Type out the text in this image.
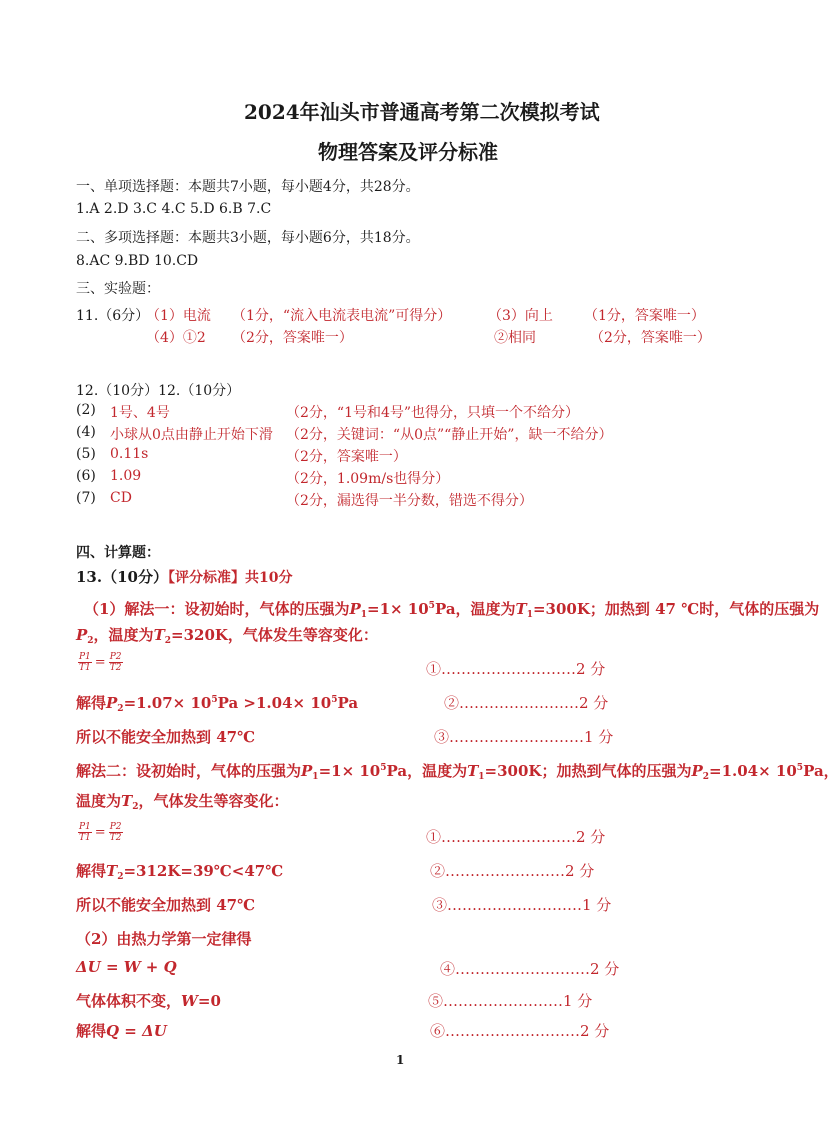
2024年汕头市普通高考第二次模拟考试
物理答案及评分标准
一、单项选择题：本题共7小题，每小题4分，共28分。
1.A 2.D 3.C 4.C 5.D 6.B 7.C
二、多项选择题：本题共3小题，每小题6分，共18分。
8.AC 9.BD 10.CD
三、实验题：
11.（6分）
（1）电流 （1分，“流入电流表电流”可得分）	（3）向上 （1分，答案唯一）
（4）①2 （2分，答案唯一）	②相同	（2分，答案唯一）
12.（10分）12.（10分）
(2) 1号、4号	（2分，“1号和4号”也得分，只填一个不给分）
(4) 小球从0点由静止开始下滑 （2分，关键词：“从0点”“静止开始”，缺一不给分）
(5) 0.11s	（2分，答案唯一）
(6) 1.09	（2分，1.09m/s也得分）
(7) CD	（2分，漏选得一半分数，错选不得分）
四、计算题：
13.（10分）【评分标准】共10分
（1）解法一：设初始时，气体的压强为$P_1=1\times 10^5Pa$，温度为$T_1=300K$；加热到 47 ℃时，气体的压强为
$P_2$，温度为$T_2=320K$，气体发生等容变化：
$\frac{P1}{T1} = \frac{P2}{T2}$	①………………………2 分
解得$P_2=1.07\times 10^5Pa >1.04\times 10^5Pa$	②……………………2 分
所以不能安全加热到 47℃	③………………………1 分
解法二：设初始时，气体的压强为$P_1=1\times 10^5Pa$，温度为$T_1=300K$；加热到气体的压强为$P_2=1.04\times 10^5Pa$，
温度为$T_2$，气体发生等容变化：
$\frac{P1}{T1} = \frac{P2}{T2}$	①………………………2 分
解得$T_2=312K=39℃<47℃$	②……………………2 分
所以不能安全加热到 47℃	③………………………1 分
（2）由热力学第一定律得
ΔU = W + Q	④………………………2 分
气体体积不变，W=0	⑤……………………1 分
解得Q = ΔU	⑥………………………2 分
1
